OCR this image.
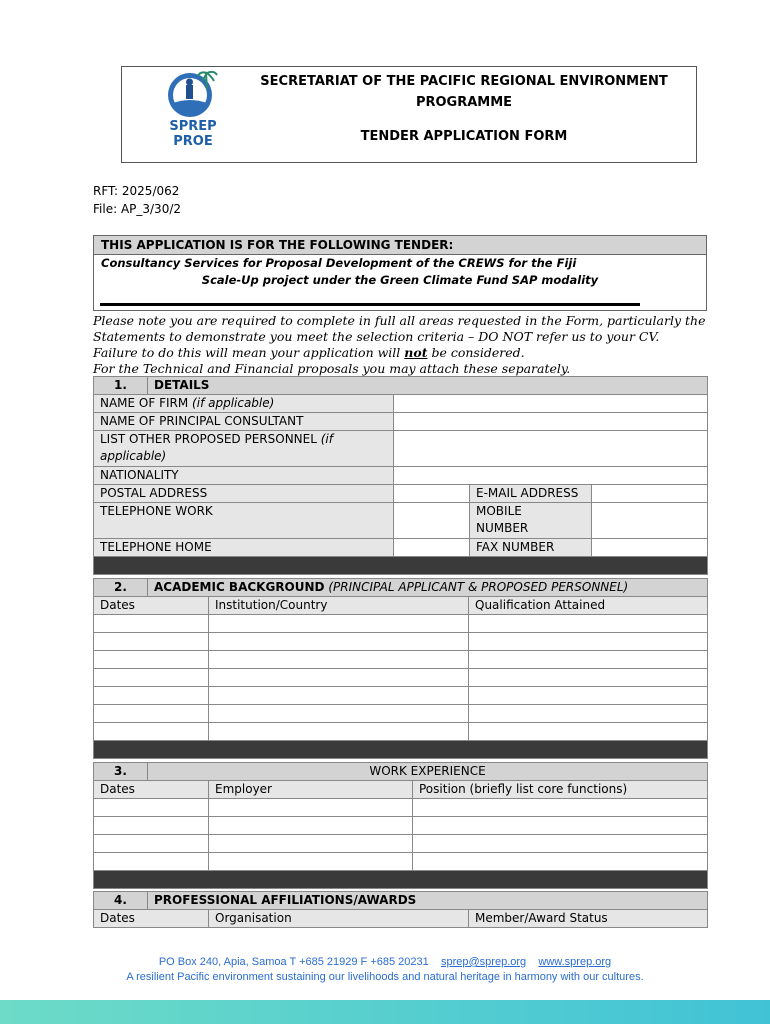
SPREP
PROE
SECRETARIAT OF THE PACIFIC REGIONAL ENVIRONMENT
PROGRAMME
TENDER APPLICATION FORM
RFT: 2025/062
File: AP_3/30/2
THIS APPLICATION IS FOR THE FOLLOWING TENDER:
Consultancy Services for Proposal Development of the CREWS for the Fiji
Scale-Up project under the Green Climate Fund SAP modality
Please note you are required to complete in full all areas requested in the Form, particularly the
Statements to demonstrate you meet the selection criteria – DO NOT refer us to your CV.
Failure to do this will mean your application will not be considered.
For the Technical and Financial proposals you may attach these separately.
1.	DETAILS			
NAME OF FIRM (if applicable)				
NAME OF PRINCIPAL CONSULTANT				
LIST OTHER PROPOSED PERSONNEL (if
applicable)				
NATIONALITY				
POSTAL ADDRESS			E-MAIL ADDRESS	
TELEPHONE WORK			MOBILE
NUMBER	
TELEPHONE HOME			FAX NUMBER	

2.	ACADEMIC BACKGROUND (PRINCIPAL APPLICANT & PROPOSED PERSONNEL)		
Dates		Institution/Country	Qualification Attained

3.	WORK EXPERIENCE		
Dates		Employer	Position (briefly list core functions)

4.	PROFESSIONAL AFFILIATIONS/AWARDS		
Dates		Organisation	Member/Award Status
PO Box 240, Apia, Samoa T +685 21929 F +685 20231 sprep@sprep.org www.sprep.org
A resilient Pacific environment sustaining our livelihoods and natural heritage in harmony with our cultures.
